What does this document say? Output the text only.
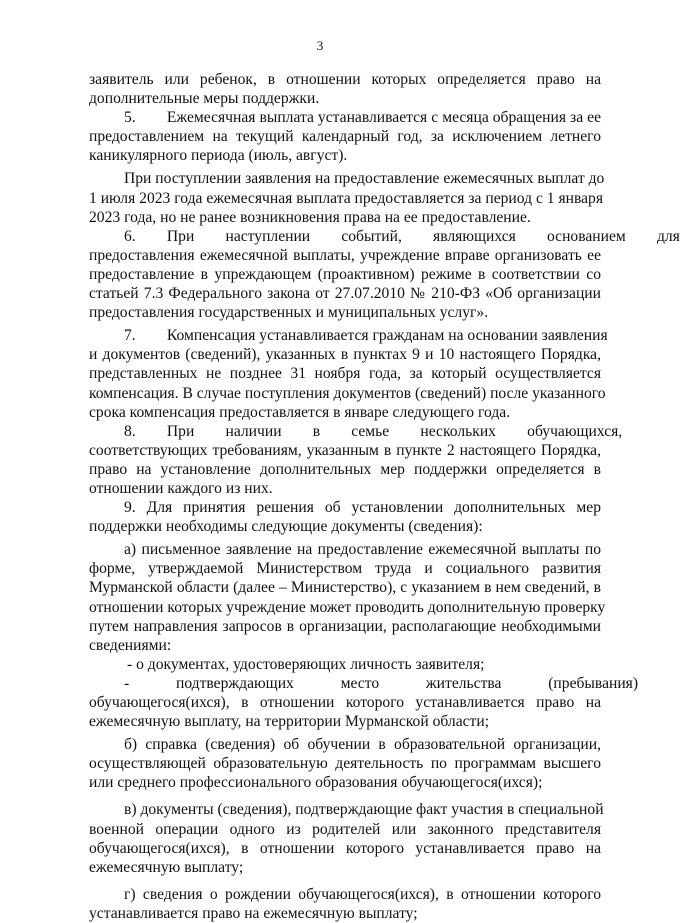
3
заявитель или ребенок, в отношении которых определяется право на
дополнительные меры поддержки.
5.  Ежемесячная выплата устанавливается с месяца обращения за ее
предоставлением на текущий календарный год, за исключением летнего
каникулярного периода (июль, август).
При поступлении заявления на предоставление ежемесячных выплат до
1 июля 2023 года ежемесячная выплата предоставляется за период с 1 января
2023 года, но не ранее возникновения права на ее предоставление.
6.  При  наступлении  событий,  являющихся  основанием  для
предоставления ежемесячной выплаты, учреждение вправе организовать ее
предоставление в упреждающем (проактивном) режиме в соответствии со
статьей 7.3 Федерального закона от 27.07.2010 № 210-ФЗ «Об организации
предоставления государственных и муниципальных услуг».
7.  Компенсация устанавливается гражданам на основании заявления
и документов (сведений), указанных в пунктах 9 и 10 настоящего Порядка,
представленных не позднее 31 ноября года, за который осуществляется
компенсация. В случае поступления документов (сведений) после указанного
срока компенсация предоставляется в январе следующего года.
8.  При  наличии  в  семье  нескольких  обучающихся,
соответствующих требованиям, указанным в пункте 2 настоящего Порядка,
право на установление дополнительных мер поддержки определяется в
отношении каждого из них.
9. Для принятия решения об установлении дополнительных мер
поддержки необходимы следующие документы (сведения):
а) письменное заявление на предоставление ежемесячной выплаты по
форме, утверждаемой Министерством труда и социального развития
Мурманской области (далее – Министерство), с указанием в нем сведений, в
отношении которых учреждение может проводить дополнительную проверку
путем направления запросов в организации, располагающие необходимыми
сведениями:
- о документах, удостоверяющих личность заявителя;
-   подтверждающих   место   жительства   (пребывания)
обучающегося(ихся), в отношении которого устанавливается право на
ежемесячную выплату, на территории Мурманской области;
б) справка (сведения) об обучении в образовательной организации,
осуществляющей образовательную деятельность по программам высшего
или среднего профессионального образования обучающегося(ихся);
в) документы (сведения), подтверждающие факт участия в специальной
военной операции одного из родителей или законного представителя
обучающегося(ихся), в отношении которого устанавливается право на
ежемесячную выплату;
г) сведения о рождении обучающегося(ихся), в отношении которого
устанавливается право на ежемесячную выплату;
